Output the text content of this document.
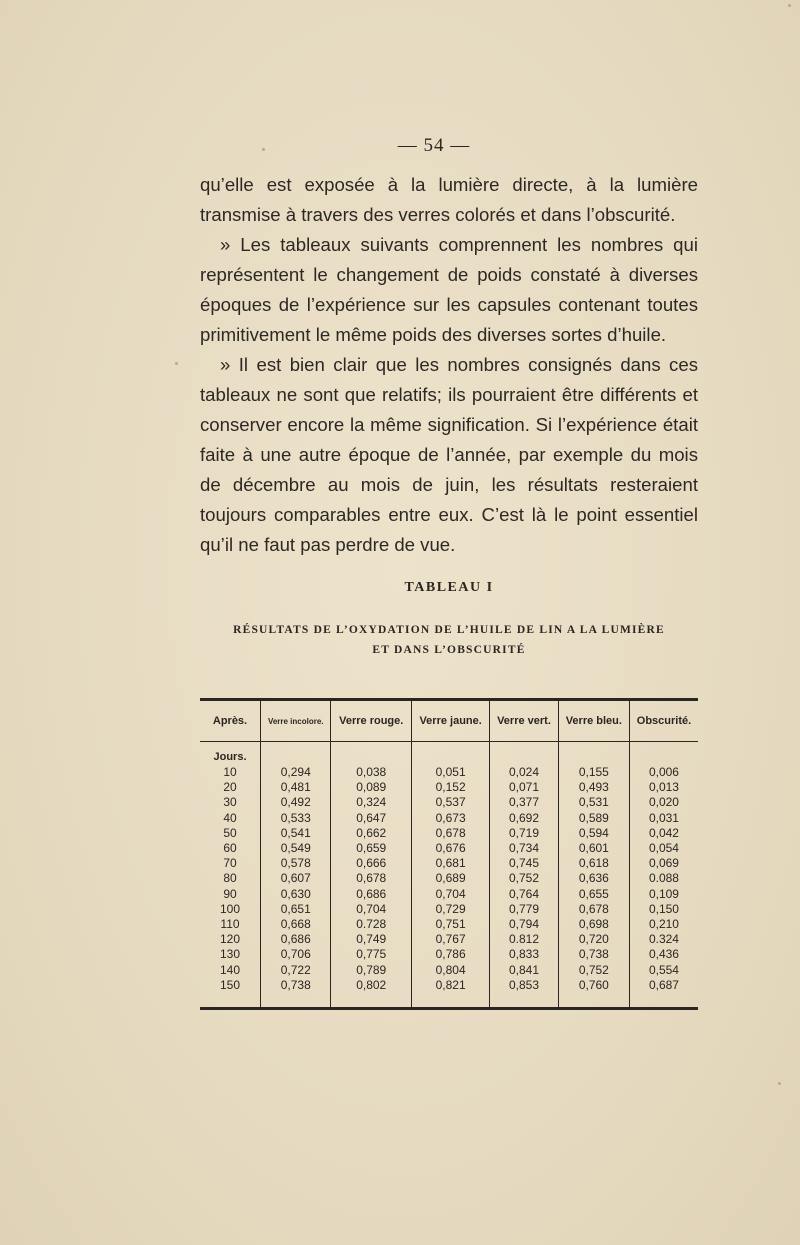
— 54 —

qu’elle est exposée à la lumière directe, à la lumière transmise à travers des verres colorés et dans l’obscurité.

» Les tableaux suivants comprennent les nombres qui représentent le changement de poids constaté à diverses époques de l’expérience sur les capsules contenant toutes primitivement le même poids des diverses sortes d’huile.

» Il est bien clair que les nombres consignés dans ces tableaux ne sont que relatifs; ils pourraient être différents et conserver encore la même signification. Si l’expérience était faite à une autre époque de l’année, par exemple du mois de décembre au mois de juin, les résultats resteraient toujours comparables entre eux. C’est là le point essentiel qu’il ne faut pas perdre de vue.

TABLEAU I
RÉSULTATS DE L’OXYDATION DE L’HUILE DE LIN A LA LUMIÈRE
ET DANS L’OBSCURITÉ
Après.	Verre incolore.	Verre rouge.	Verre jaune.	Verre vert.	Verre bleu.	Obscurité.
Jours.						
10	0,294	0,038	0,051	0,024	0,155	0,006
20	0,481	0,089	0,152	0,071	0,493	0,013
30	0,492	0,324	0,537	0,377	0,531	0,020
40	0,533	0,647	0,673	0,692	0,589	0,031
50	0,541	0,662	0,678	0,719	0,594	0,042
60	0,549	0,659	0,676	0,734	0,601	0,054
70	0,578	0,666	0,681	0,745	0,618	0,069
80	0,607	0,678	0,689	0,752	0,636	0.088
90	0,630	0,686	0,704	0,764	0,655	0,109
100	0,651	0,704	0,729	0,779	0,678	0,150
110	0,668	0.728	0,751	0,794	0,698	0,210
120	0,686	0,749	0,767	0.812	0,720	0.324
130	0,706	0,775	0,786	0,833	0,738	0,436
140	0,722	0,789	0,804	0,841	0,752	0,554
150	0,738	0,802	0,821	0,853	0,760	0,687
